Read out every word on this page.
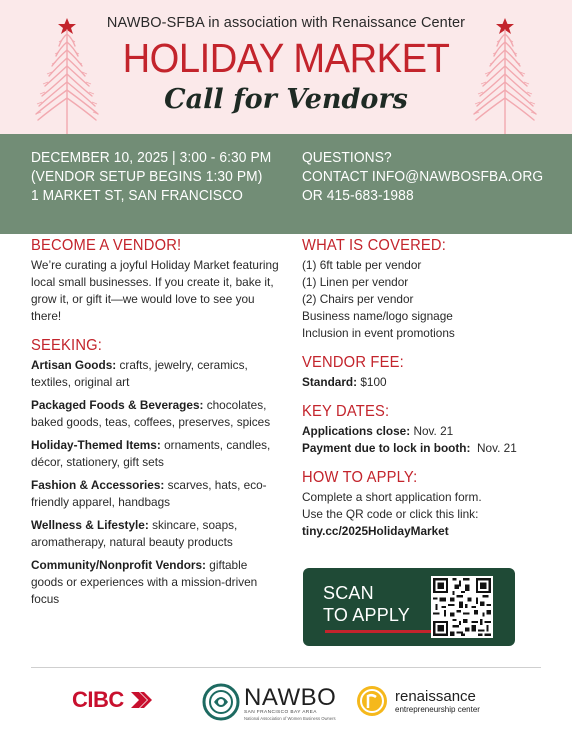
NAWBO-SFBA in association with Renaissance Center
HOLIDAY MARKET
Call for Vendors
DECEMBER 10, 2025 | 3:00 - 6:30 PM
(VENDOR SETUP BEGINS 1:30 PM)
1 MARKET ST, SAN FRANCISCO
QUESTIONS?
CONTACT INFO@NAWBOSFBA.ORG
OR 415-683-1988
BECOME A VENDOR!

We’re curating a joyful Holiday Market featuring local small businesses. If you create it, bake it, grow it, or gift it—we would love to see you there!

SEEKING:

Artisan Goods: crafts, jewelry, ceramics, textiles, original art

Packaged Foods & Beverages: chocolates, baked goods, teas, coffees, preserves, spices

Holiday-Themed Items: ornaments, candles, décor, stationery, gift sets

Fashion & Accessories: scarves, hats, eco-friendly apparel, handbags

Wellness & Lifestyle: skincare, soaps, aromatherapy, natural beauty products

Community/Nonprofit Vendors: giftable goods or experiences with a mission-driven focus

WHAT IS COVERED:

(1) 6ft table per vendor

(1) Linen per vendor

(2) Chairs per vendor

Business name/logo signage

Inclusion in event promotions

VENDOR FEE:

Standard: $100

KEY DATES:

Applications close: Nov. 21

Payment due to lock in booth:  Nov. 21

HOW TO APPLY:

Complete a short application form.

Use the QR code or click this link:

tiny.cc/2025HolidayMarket

SCAN
TO APPLY
CIBC	NAWBO
SAN FRANCISCO BAY AREA
National Association of Women Business Owners
renaissance
entrepreneurship center
